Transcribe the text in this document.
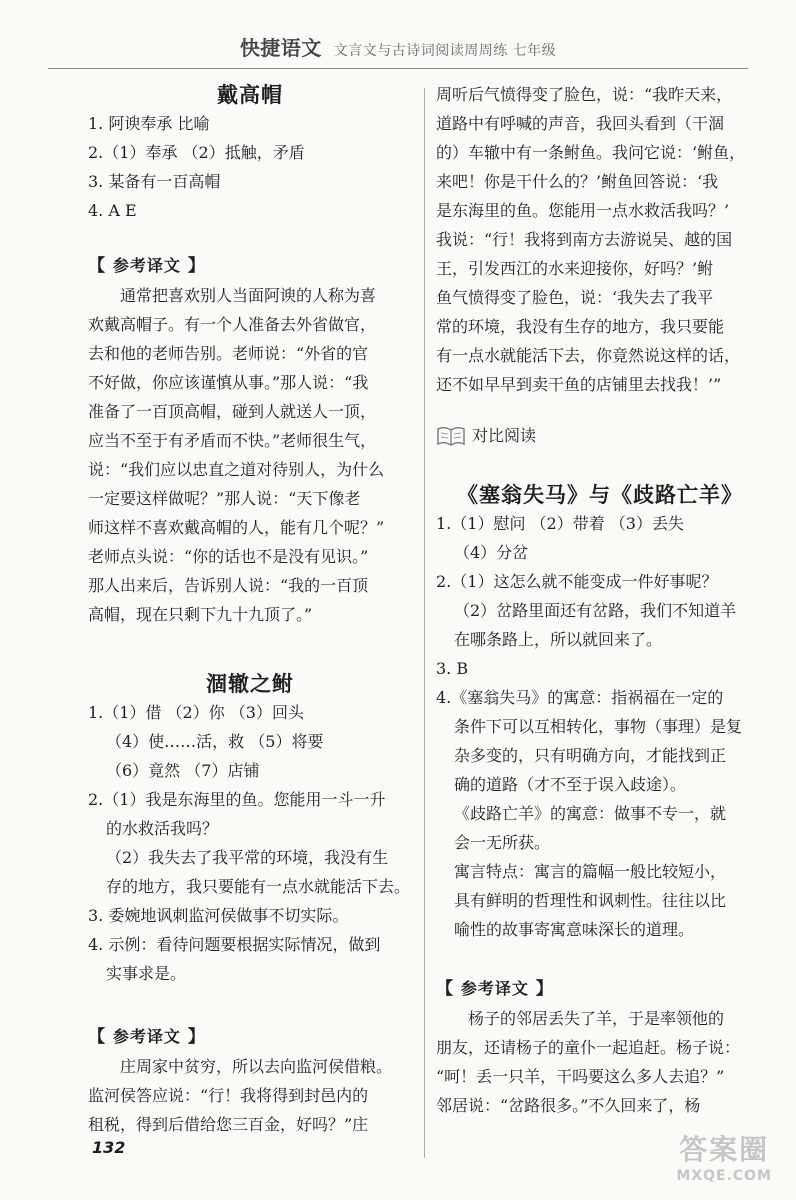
快捷语文 文言文与古诗词阅读周周练 七年级
戴高帽
1. 阿谀奉承 比喻
2.（1）奉承 （2）抵触，矛盾
3. 某备有一百高帽
4. A E
【 参考译文 】
通常把喜欢别人当面阿谀的人称为喜
欢戴高帽子。有一个人准备去外省做官，
去和他的老师告别。老师说：“外省的官
不好做，你应该谨慎从事。”那人说：“我
准备了一百顶高帽，碰到人就送人一顶，
应当不至于有矛盾而不快。”老师很生气，
说：“我们应以忠直之道对待别人，为什么
一定要这样做呢？”那人说：“天下像老
师这样不喜欢戴高帽的人，能有几个呢？”
老师点头说：“你的话也不是没有见识。”
那人出来后，告诉别人说：“我的一百顶
高帽，现在只剩下九十九顶了。”
涸辙之鲋
1.（1）借 （2）你 （3）回头
（4）使……活，救 （5）将要
（6）竟然 （7）店铺
2.（1）我是东海里的鱼。您能用一斗一升
的水救活我吗？
（2）我失去了我平常的环境，我没有生
存的地方，我只要能有一点水就能活下去。
3. 委婉地讽刺监河侯做事不切实际。
4. 示例：看待问题要根据实际情况，做到
实事求是。
【 参考译文 】
庄周家中贫穷，所以去向监河侯借粮。
监河侯答应说：“行！我将得到封邑内的
租税，得到后借给您三百金，好吗？”庄
周听后气愤得变了脸色，说：“我昨天来，
道路中有呼喊的声音，我回头看到（干涸
的）车辙中有一条鲋鱼。我问它说：‘鲋鱼，
来吧！你是干什么的？’鲋鱼回答说：‘我
是东海里的鱼。您能用一点水救活我吗？’
我说：“行！我将到南方去游说吴、越的国
王，引发西江的水来迎接你，好吗？’鲋
鱼气愤得变了脸色，说：‘我失去了我平
常的环境，我没有生存的地方，我只要能
有一点水就能活下去，你竟然说这样的话，
还不如早早到卖干鱼的店铺里去找我！’”
对比阅读
《塞翁失马》与《歧路亡羊》
1.（1）慰问 （2）带着 （3）丢失
（4）分岔
2.（1）这怎么就不能变成一件好事呢？
（2）岔路里面还有岔路，我们不知道羊
在哪条路上，所以就回来了。
3. B
4.《塞翁失马》的寓意：指祸福在一定的
条件下可以互相转化，事物（事理）是复
杂多变的，只有明确方向，才能找到正
确的道路（才不至于误入歧途）。
《歧路亡羊》的寓意：做事不专一，就
会一无所获。
寓言特点：寓言的篇幅一般比较短小，
具有鲜明的哲理性和讽刺性。往往以比
喻性的故事寄寓意味深长的道理。
【 参考译文 】
杨子的邻居丢失了羊，于是率领他的
朋友，还请杨子的童仆一起追赶。杨子说：
“呵！丢一只羊，干吗要这么多人去追？”
邻居说：“岔路很多。”不久回来了，杨
132	答案圈
MXQE.COM
